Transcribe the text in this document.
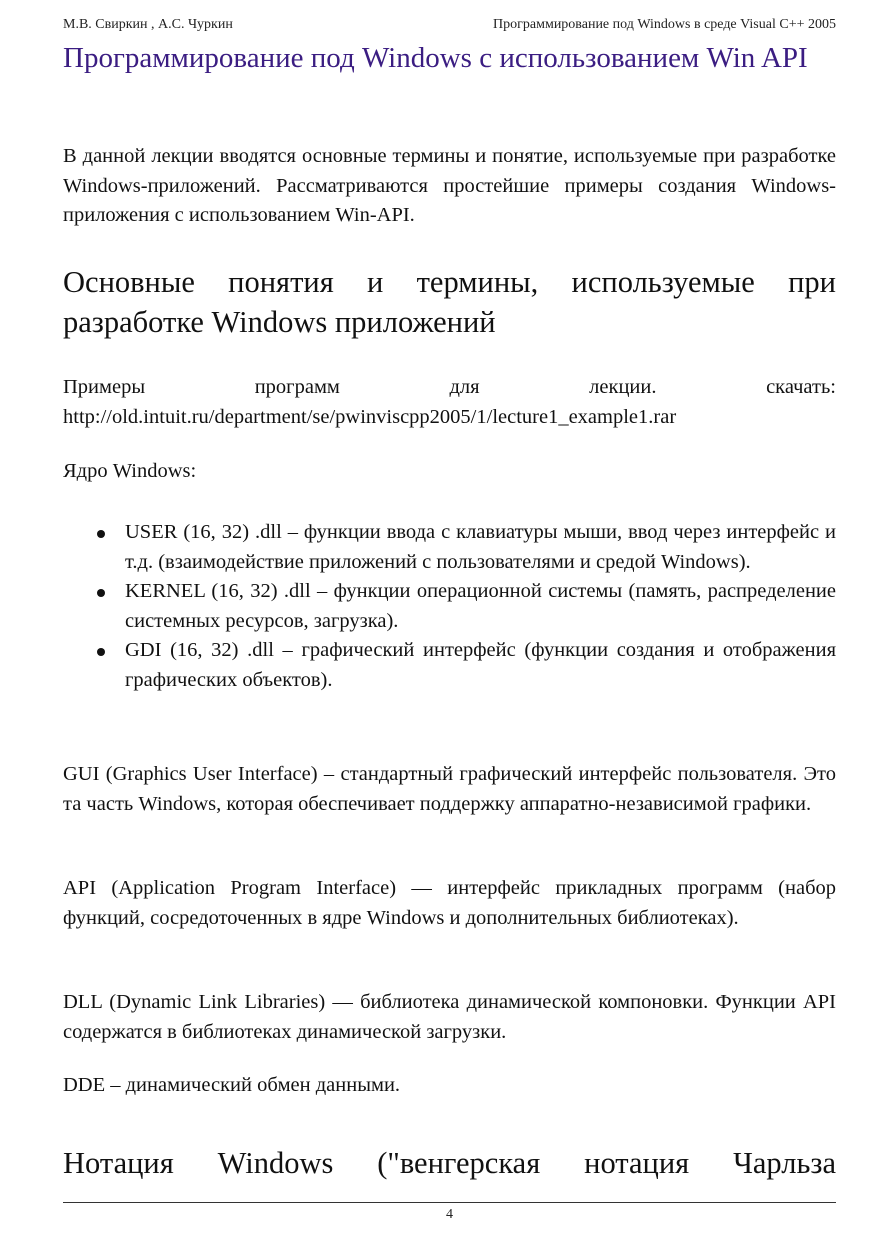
М.В. Свиркин , А.С. Чуркин	Программирование под Windows в среде Visual C++ 2005
Программирование под Windows с использованием Win API

В данной лекции вводятся основные термины и понятие, используемые при разработке Windows-приложений. Рассматриваются простейшие примеры создания Windows-приложения с использованием Win-API.

Основные понятия и термины, используемые при разработке Windows приложений

Примеры программ для лекции. скачать:
http://old.intuit.ru/department/se/pwinviscpp2005/1/lecture1_example1.rar

Ядро Windows:

USER (16, 32) .dll – функции ввода с клавиатуры мыши, ввод через интерфейс и т.д. (взаимодействие приложений с пользователями и средой Windows).
KERNEL (16, 32) .dll – функции операционной системы (память, распределение системных ресурсов, загрузка).
GDI (16, 32) .dll – графический интерфейс (функции создания и отображения графических объектов).

GUI (Graphics User Interface) – стандартный графический интерфейс пользователя. Это та часть Windows, которая обеспечивает поддержку аппаратно-независимой графики.

API (Application Program Interface) — интерфейс прикладных программ (набор функций, сосредоточенных в ядре Windows и дополнительных библиотеках).

DLL (Dynamic Link Libraries) — библиотека динамической компоновки. Функции API содержатся в библиотеках динамической загрузки.

DDE – динамический обмен данными.

Нотация Windows ("венгерская нотация Чарльза
4
